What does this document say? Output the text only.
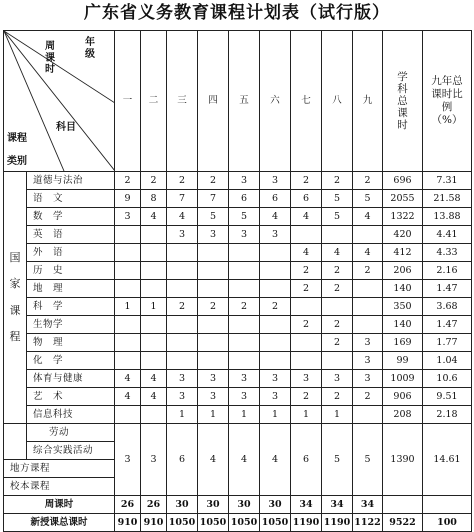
广东省义务教育课程计划表（试行版）
周课时
年级
科目
课程
类别		一	二	三	四	五	六	七	八	九	学科总课时	九年总课时比例（%）
国家课程	道德与法治	2	2	2	2	3	3	2	2	2	696	7.31
	语　文	9	8	7	7	6	6	6	5	5	2055	21.58
	数　学	3	4	4	5	5	4	4	5	4	1322	13.88
	英　语			3	3	3	3				420	4.41
	外　语							4	4	4	412	4.33
	历　史							2	2	2	206	2.16
	地　理							2	2		140	1.47
	科　学	1	1	2	2	2	2				350	3.68
	生物学							2	2		140	1.47
	物　理								2	3	169	1.77
	化　学									3	99	1.04
	体育与健康	4	4	3	3	3	3	3	3	3	1009	10.6
	艺　术	4	4	3	3	3	3	2	2	2	906	9.51
	信息科技			1	1	1	1	1	1		208	2.18
	劳动	3	3	6	4	4	4	6	5	5	1390	14.61
	综合实践活动											
地方课程												
校本课程												
周课时		26	26	30	30	30	30	34	34	34		
新授课总课时		910	910	1050	1050	1050	1050	1190	1190	1122	9522	100
